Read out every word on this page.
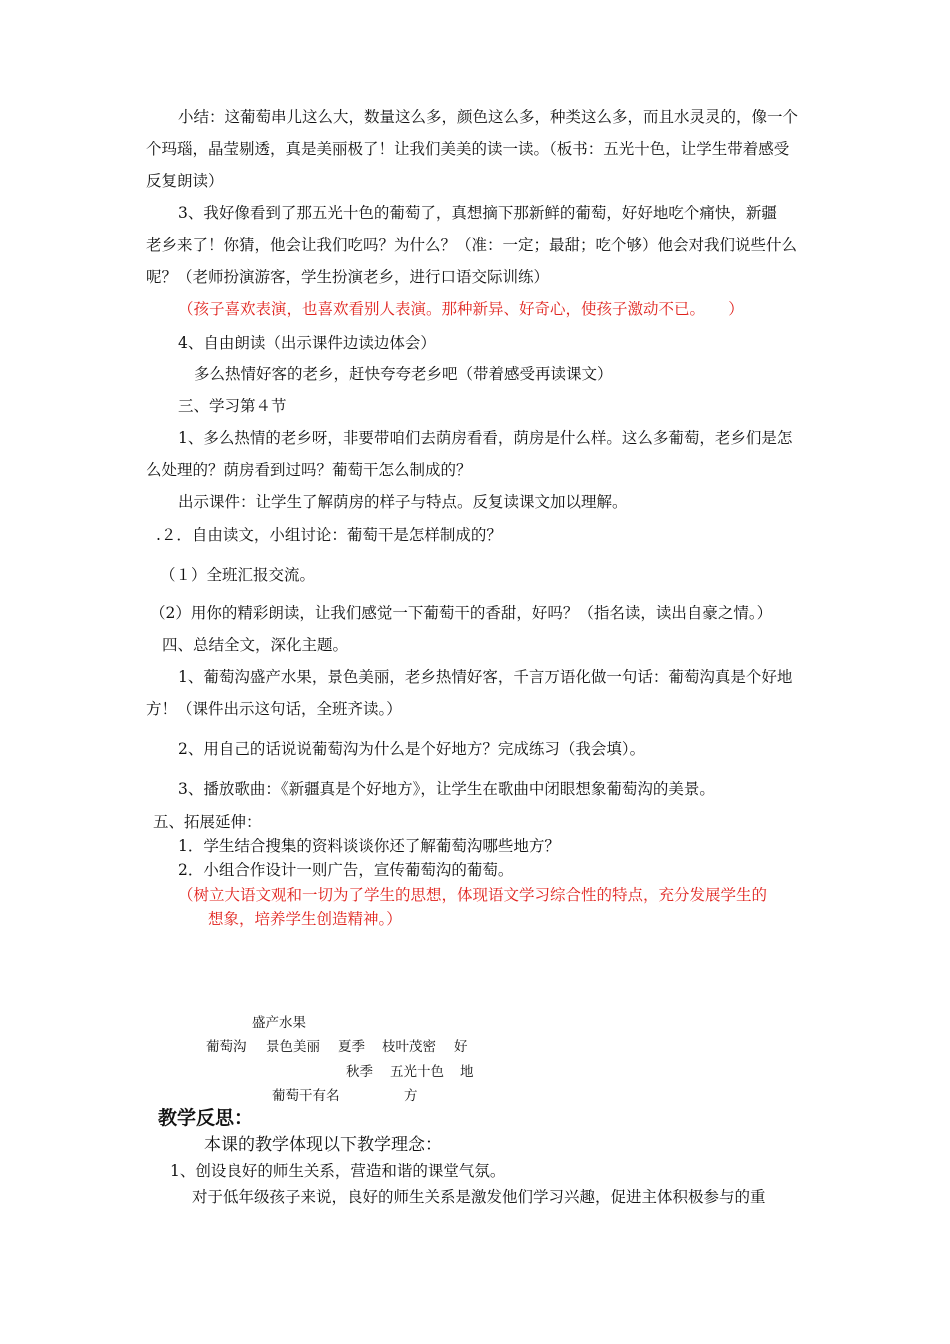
小结：这葡萄串儿这么大，数量这么多，颜色这么多，种类这么多，而且水灵灵的，像一个
个玛瑙，晶莹剔透，真是美丽极了！让我们美美的读一读。（板书：五光十色，让学生带着感受
反复朗读）
3、我好像看到了那五光十色的葡萄了，真想摘下那新鲜的葡萄，好好地吃个痛快，新疆
老乡来了！你猜，他会让我们吃吗？为什么？（准：一定；最甜；吃个够）他会对我们说些什么
呢？（老师扮演游客，学生扮演老乡，进行口语交际训练）
（孩子喜欢表演，也喜欢看别人表演。那种新异、好奇心，使孩子激动不已。　　）
4、自由朗读（出示课件边读边体会）
多么热情好客的老乡，赶快夸夸老乡吧（带着感受再读课文）
三、学习第４节
1、多么热情的老乡呀，非要带咱们去荫房看看，荫房是什么样。这么多葡萄，老乡们是怎
么处理的？荫房看到过吗？葡萄干怎么制成的？
出示课件：让学生了解荫房的样子与特点。反复读课文加以理解。
.２．自由读文，小组讨论：葡萄干是怎样制成的？
（１）全班汇报交流。
（2）用你的精彩朗读，让我们感觉一下葡萄干的香甜，好吗？（指名读，读出自豪之情。）
四、总结全文，深化主题。
1、葡萄沟盛产水果，景色美丽，老乡热情好客，千言万语化做一句话：葡萄沟真是个好地
方！（课件出示这句话，全班齐读。）
2、用自己的话说说葡萄沟为什么是个好地方？完成练习（我会填）。
3、播放歌曲：《新疆真是个好地方》，让学生在歌曲中闭眼想象葡萄沟的美景。
五、拓展延伸：
1．学生结合搜集的资料谈谈你还了解葡萄沟哪些地方？
2．小组合作设计一则广告，宣传葡萄沟的葡萄。
（树立大语文观和一切为了学生的思想，体现语文学习综合性的特点，充分发展学生的
想象，培养学生创造精神。）
盛产水果
葡萄沟 景色美丽 夏季 枝叶茂密 好
秋季 五光十色 地
葡萄干有名	方
教学反思：
本课的教学体现以下教学理念：
1、创设良好的师生关系，营造和谐的课堂气氛。
对于低年级孩子来说，良好的师生关系是激发他们学习兴趣，促进主体积极参与的重
